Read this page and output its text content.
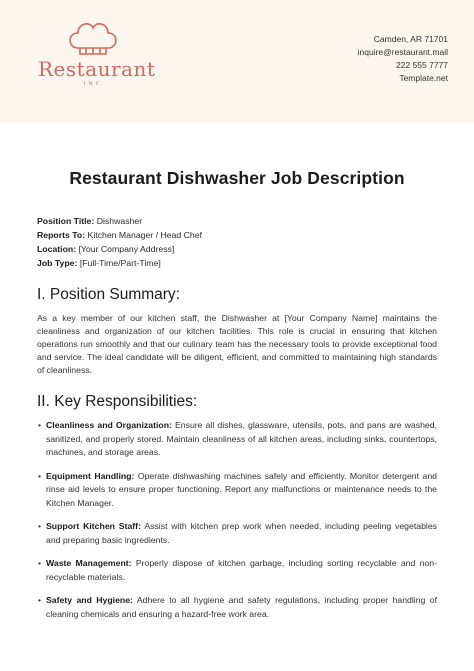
Restaurant
INC
Camden, AR 71701
inquire@restaurant.mail
222 555 7777
Template.net
Restaurant Dishwasher Job Description
Position Title: Dishwasher
Reports To: Kitchen Manager / Head Chef
Location: [Your Company Address]
Job Type: [Full-Time/Part-Time]
I. Position Summary:

As a key member of our kitchen staff, the Dishwasher at [Your Company Name] maintains the cleanliness and organization of our kitchen facilities. This role is crucial in ensuring that kitchen operations run smoothly and that our culinary team has the necessary tools to provide exceptional food and service. The ideal candidate will be diligent, efficient, and committed to maintaining high standards of cleanliness.

II. Key Responsibilities:
• Cleanliness and Organization: Ensure all dishes, glassware, utensils, pots, and pans are washed, sanitized, and properly stored. Maintain cleanliness of all kitchen areas, including sinks, countertops, machines, and storage areas.
• Equipment Handling: Operate dishwashing machines safely and efficiently. Monitor detergent and rinse aid levels to ensure proper functioning. Report any malfunctions or maintenance needs to the Kitchen Manager.
• Support Kitchen Staff: Assist with kitchen prep work when needed, including peeling vegetables and preparing basic ingredients.
• Waste Management: Properly dispose of kitchen garbage, including sorting recyclable and non-recyclable materials.
• Safety and Hygiene: Adhere to all hygiene and safety regulations, including proper handling of cleaning chemicals and ensuring a hazard-free work area.
